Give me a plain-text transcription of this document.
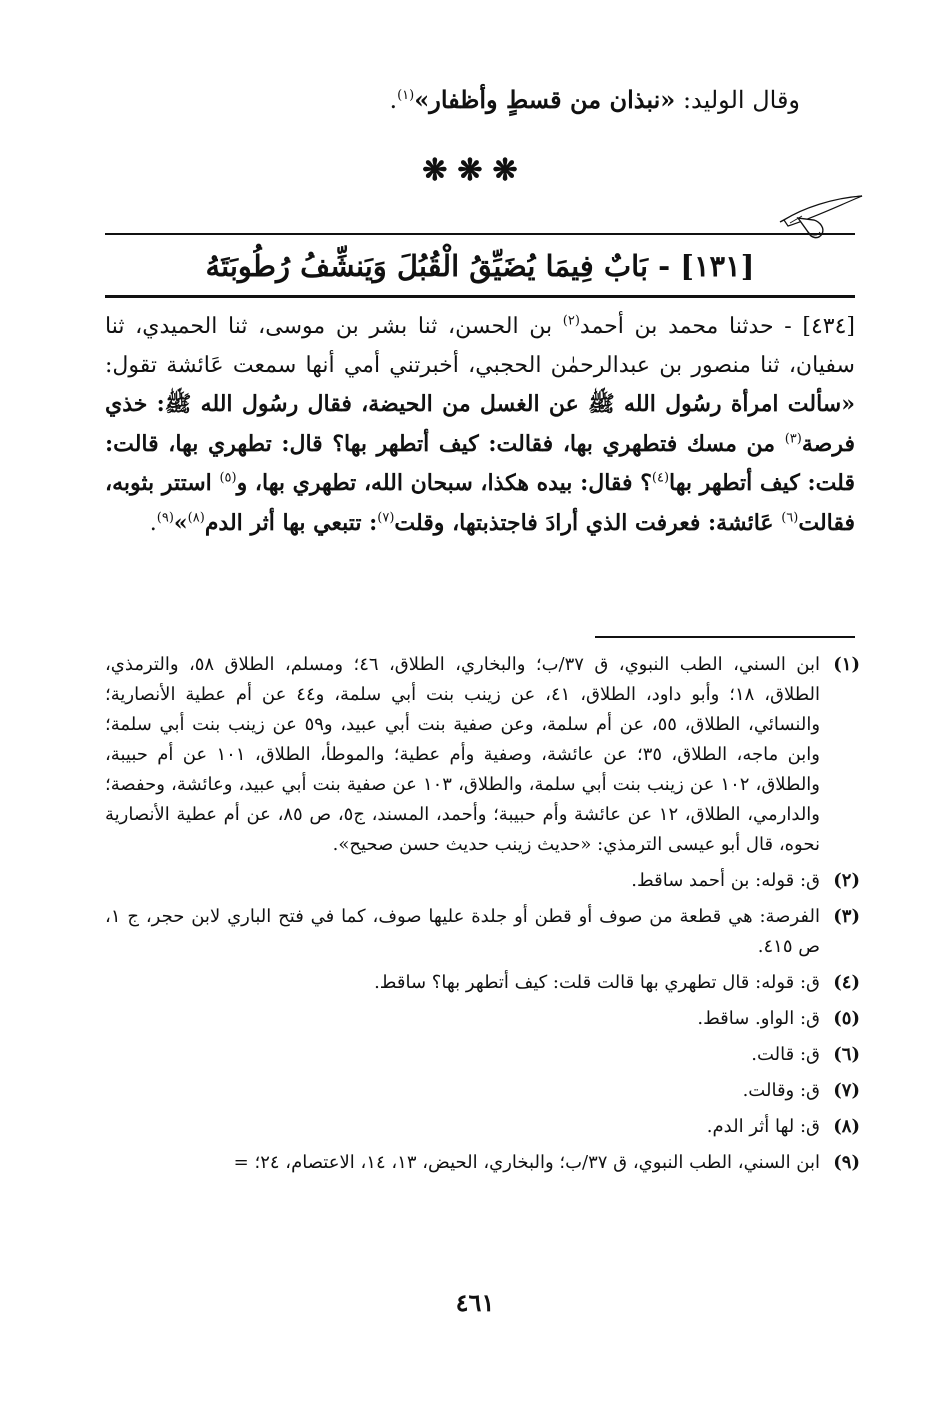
وقال الوليد: «نبذان من قسطٍ وأظفار»$^{(١)}$.
❋❋❋
[١٣١] - بَابٌ فِيمَا يُضَيِّقُ الْقُبُلَ وَيَنشِّفُ رُطُوبَتَهُ

[٤٣٤] - حدثنا محمد بن أحمد$^{(٢)}$ بن الحسن، ثنا بشر بن موسى، ثنا الحميدي، ثنا سفيان، ثنا منصور بن عبدالرحمٰن الحجبي، أخبرتني أمي أنها سمعت عَائشة تقول: «سألت امرأة رسُول الله ﷺ عن الغسل من الحيضة، فقال رسُول الله ﷺ: خذي فرصة$^{(٣)}$ من مسك فتطهري بها، فقالت: كيف أتطهر بها؟ قال: تطهري بها، قالت: قلت: كيف أتطهر بها$^{(٤)}$؟ فقال: بيده هكذا، سبحان الله، تطهري بها، و$^{(٥)}$ استتر بثوبه، فقالت$^{(٦)}$ عَائشة: فعرفت الذي أرادَ فاجتذبتها، وقلت$^{(٧)}$: تتبعي بها أثر الدم$^{(٨)}$»$^{(٩)}$.

(١)
ابن السني، الطب النبوي، ق ٣٧/ب؛ والبخاري، الطلاق، ٤٦؛ ومسلم، الطلاق ٥٨، والترمذي، الطلاق، ١٨؛ وأبو داود، الطلاق، ٤١، عن زينب بنت أبي سلمة، و٤٤ عن أم عطية الأنصارية؛ والنسائي، الطلاق، ٥٥، عن أم سلمة، وعن صفية بنت أبي عبيد، و٥٩ عن زينب بنت أبي سلمة؛ وابن ماجه، الطلاق، ٣٥؛ عن عائشة، وصفية وأم عطية؛ والموطأ، الطلاق، ١٠١ عن أم حبيبة، والطلاق، ١٠٢ عن زينب بنت أبي سلمة، والطلاق، ١٠٣ عن صفية بنت أبي عبيد، وعائشة، وحفصة؛ والدارمي، الطلاق، ١٢ عن عائشة وأم حبيبة؛ وأحمد، المسند، ج٥، ص ٨٥، عن أم عطية الأنصارية نحوه، قال أبو عيسى الترمذي: «حديث زينب حديث حسن صحيح».
(٢)
ق: قوله: بن أحمد ساقط.
(٣)
الفرصة: هي قطعة من صوف أو قطن أو جلدة عليها صوف، كما في فتح الباري لابن حجر، ج ١، ص ٤١٥.
(٤)
ق: قوله: قال تطهري بها قالت قلت: كيف أتطهر بها؟ ساقط.
(٥)
ق: الواو. ساقط.
(٦)
ق: قالت.
(٧)
ق: وقالت.
(٨)
ق: لها أثر الدم.
(٩)
ابن السني، الطب النبوي، ق ٣٧/ب؛ والبخاري، الحيض، ١٣، ١٤، الاعتصام، ٢٤؛ =
٤٦١
